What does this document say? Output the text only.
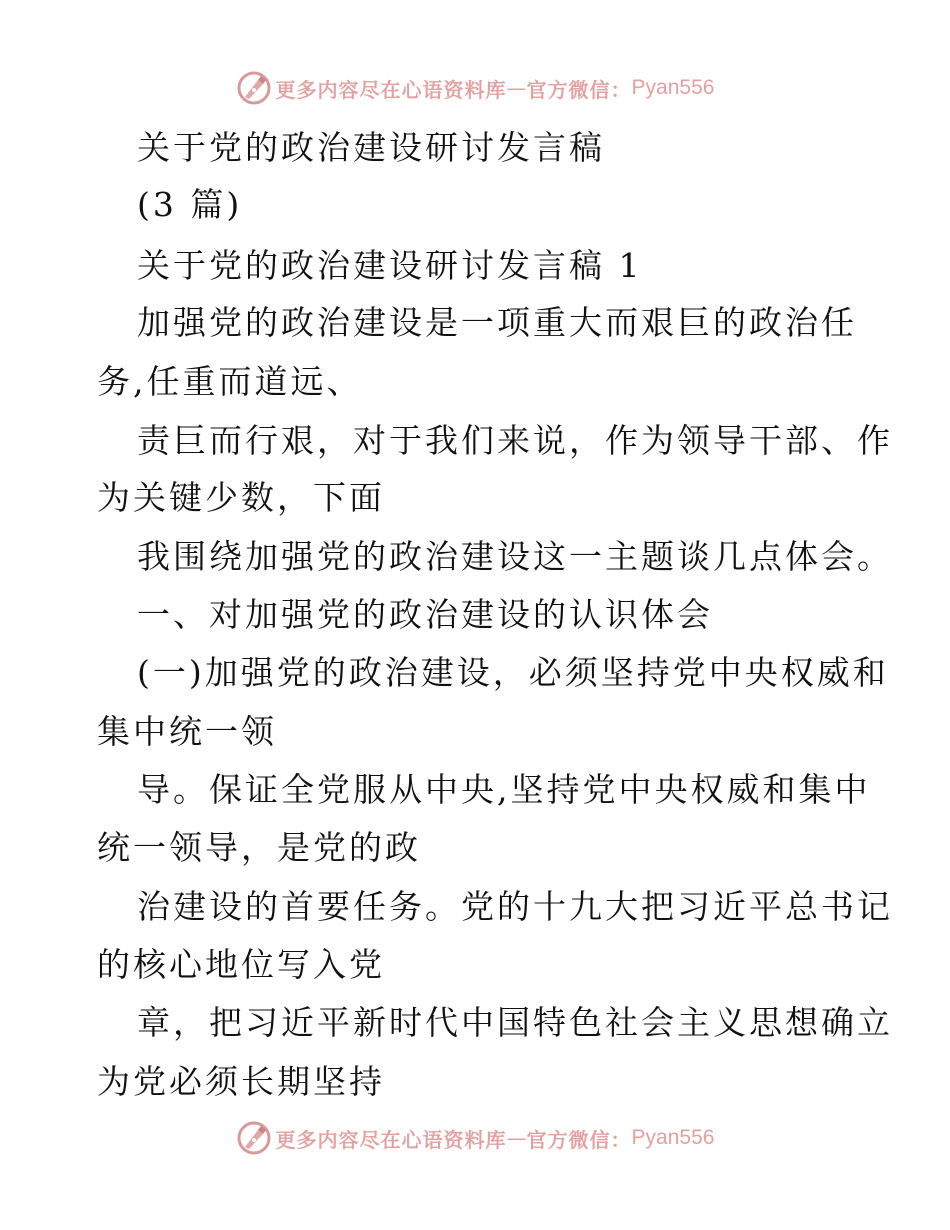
更多内容尽在心语资料库 — 官方微信： Pyan556
关于党的政治建设研讨发言稿
(3 篇)
关于党的政治建设研讨发言稿 1
加强党的政治建设是一项重大而艰巨的政治任
务,任重而道远、
责巨而行艰，对于我们来说，作为领导干部、作
为关键少数，下面
我围绕加强党的政治建设这一主题谈几点体会。
一、对加强党的政治建设的认识体会
(一)加强党的政治建设，必须坚持党中央权威和
集中统一领
导。保证全党服从中央,坚持党中央权威和集中
统一领导，是党的政
治建设的首要任务。党的十九大把习近平总书记
的核心地位写入党
章，把习近平新时代中国特色社会主义思想确立
为党必须长期坚持
更多内容尽在心语资料库 — 官方微信： Pyan556
